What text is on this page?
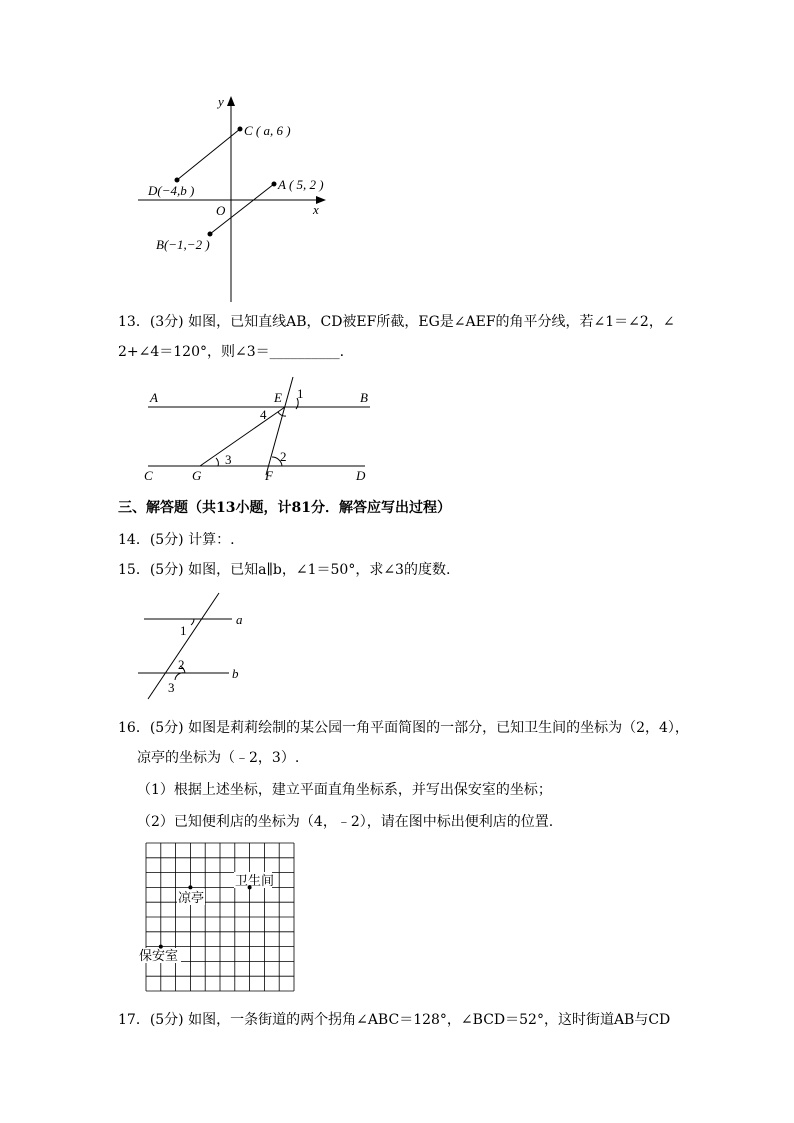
y
x
O
C ( a, 6 )
D(−4,b )	A ( 5, 2 )
B(−1,−2 )
13．(3分) 如图，已知直线AB，CD被EF所截，EG是∠AEF的角平分线，若∠1＝∠2，∠
2+∠4＝120°，则∠3＝__________.
A	B
C	D
E
F
G
1
2
3
4
三、解答题（共13小题，计81分．解答应写出过程）
14．(5分) 计算：.
15．(5分) 如图，已知a∥b，∠1＝50°，求∠3的度数.
a
b
1
2
3
16．(5分) 如图是莉莉绘制的某公园一角平面简图的一部分，已知卫生间的坐标为（2，4），
凉亭的坐标为（﹣2，3）.
（1）根据上述坐标，建立平面直角坐标系，并写出保安室的坐标；
（2）已知便利店的坐标为（4，﹣2），请在图中标出便利店的位置.
卫生间
凉亭
保安室
17．(5分) 如图，一条街道的两个拐角∠ABC＝128°，∠BCD＝52°，这时街道AB与CD
